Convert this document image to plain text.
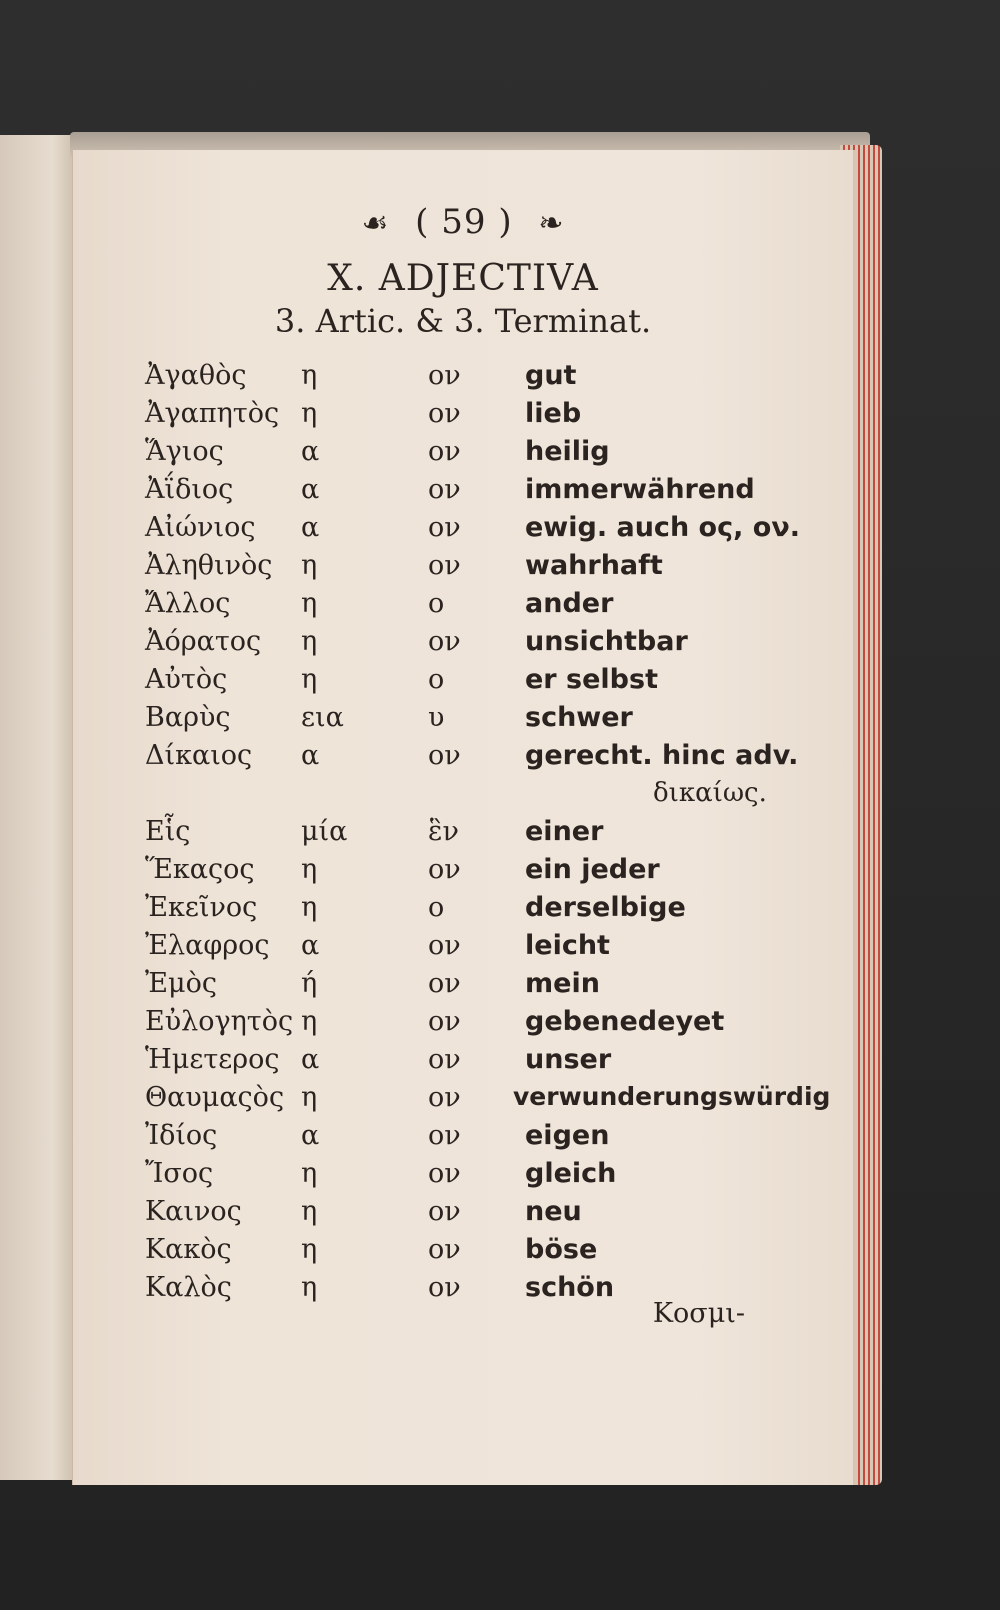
☙ ( 59 ) ❧
X. ADJECTIVA
3. Artic. & 3. Terminat.
Ἀγαθὸς η	ον gut
Ἀγαπητὸς η	ον lieb
Ἅγιος	α	ον heilig
Ἀΐδιος	α	ον immerwährend
Αἰώνιος α	ον ewig. auch ος, ον.
Ἀληθινὸς η	ον wahrhaft
Ἄλλος	η	ο	ander
Ἀόρατος η	ον unsichtbar
Αὐτὸς	η	ο	er selbst
Βαρὺς	εια	υ	schwer
Δίκαιος α	ον gerecht. hinc adv.
δικαίως.
Εἷς	μία	ἓν einer
Ἕκαςος η	ον ein jeder
Ἐκεῖνος η	ο	derselbige
Ἐλαφρος α	ον leicht
Ἐμὸς	ή	ον mein
Εὐλογητὸς η	ον gebenedeyet
Ἡμετερος α	ον unser
Θαυμαςὸς η	ον verwunderungswürdig
Ἰδίος	α	ον eigen
Ἴσος	η	ον gleich
Καινος η	ον neu
Κακὸς	η	ον böse
Καλὸς	η	ον schön
Κοσμι-
